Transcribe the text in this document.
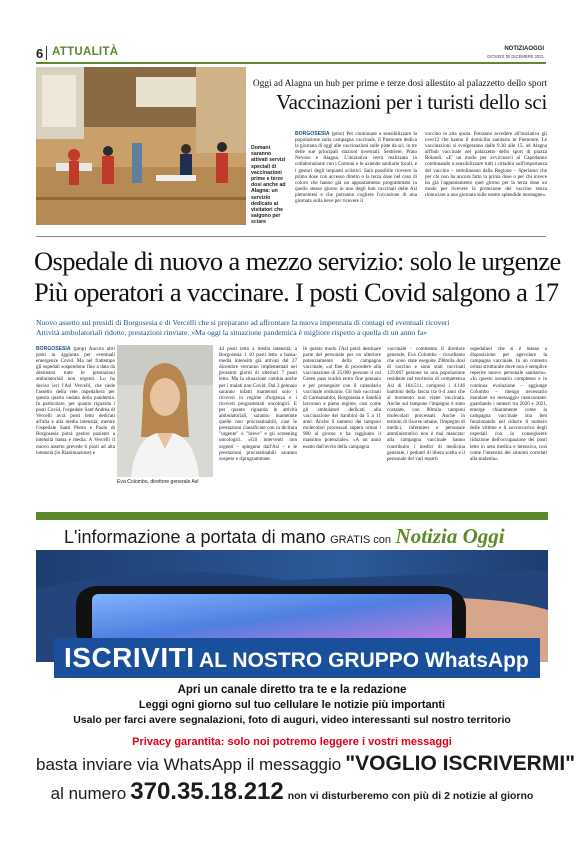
6 ATTUALITÀ	NOTIZIAOGGI
GIOVEDÌ 30 DICEMBRE 2021
Oggi ad Alagna un hub per prime e terze dosi allestito al palazzetto dello sport
Vaccinazioni per i turisti dello sci
Domani saranno attivati servizi speciali di vaccinazioni prime e terze dosi anche ad Alagna: un servizio dedicato ai visitatori che salgono per sciare
BORGOSESIA (pmo) Per continuare a sensibilizzare la popolazione sulla campagna vaccinale, il Piemonte dedica la giornata di oggi alle vaccinazioni sulle piste da sci, in tre delle sue principali stazioni invernali: Sestriere, Prato Nevoso e Alagna. L'iniziativa verrà realizzata in collaborazione con i Comuni e le aziende sanitarie locali, e i gestori degli impianti sciistici. Sarà possibile ricevere la prima dose con accesso diretto o la terza dose nel caso di coloro che hanno già un appuntamento programmato in quello stesso giorno in uno degli hub vaccinali delle Asl piemontesi e che potranno cogliere l'occasione di una giornata sulla neve per ricevere il
vaccino in alta quota. Potranno accedere all'iniziativa gli over12 che hanno il domicilio sanitario in Piemonte. Le vaccinazioni si svolgeranno dalle 9.30 alle 15, ad Alagna all'hub vaccinale nel palazzetto dello sport di piazza Rolandi. «E' un modo per avvicinarci al Capodanno continuando a sensibilizzare tutti i cittadini sull'importanza del vaccino – sottolineano dalla Regione – Speriamo che per chi non ha ancora fatto la prima dose o per chi invece ha già l'appuntamento quel giorno per la terza dose un modo per ricevere la protezione del vaccino senza rinunciare a una giornata sulle nostre splendide montagne».
Ospedale di nuovo a mezzo servizio: solo le urgenze
Più operatori a vaccinare. I posti Covid salgono a 17
Nuovo assetto sui presidi di Borgosesia e di Vercelli che si preparano ad affrontare la nuova impennata di contagi ed eventuali ricoveri
Attività ambulatoriali ridotte, prestazioni rinviate. «Ma oggi la situazione pandemica è migliore rispetto a quella di un anno fa»
BORGOSESIA (pmp) Ancora altri posti in aggiunta per eventuali emergenze Covid. Ma nel frattempo gli ospedali sospendono fino a data da destinarsi tutte le prestazioni ambulatoriali non urgenti. Lo ha deciso ieri l'Asl Vercelli, che riede l'assetto della rete ospedaliera per questa quarta ondata della pandemia. In particolare, per quanto riguarda i posti Covid, l'ospedale Sant'Andrea di Vercelli avrà posti letto dedicati all'alta e alla media intensità, mentre l'ospedale Santi Pietro e Paolo di Borgosesia potrà gestire pazienti a intensità bassa e media. A Vercelli il nuovo assetto prevede 6 posti ad alta intensità (in Rianimazione) e
Eva Colombo, direttore generale Asl
44 posti letto a media intensità, a Borgosesia 1 10 posti letto a bassa-media intensità già attivati dal 27 dicembre verranno implementati nei prossimi giorni di ulteriori 7 posti letto. Ma la situazione cambia anche per i malati non Covid. Dal 3 gennaio saranno infatti mantenuti solo i ricoveri in regime d'urgenza e i ricoveri programmati oncologici. E per quanto riguarda le attività ambulatoriali, saranno mantenute quelle non procrastinabili, cioè le prestazioni classificate con la dicitura "urgente" o "breve" e gli screening oncologici. «Gli interventi non urgenti – spiegano dall'Asl – e le prestazioni procrastinabili saranno sospese e riprogrammate.
In questo modo l'Asl potrà destinare parte del personale per un ulteriore potenziamento della campagna vaccinale, «al fine di procedere alla vaccinazione di 25.000 persone il cui Green pass scadrà entro fine gennaio e per proseguire con il calendario vaccinale ordinario. Gli hub vaccinali di Caresanablot, Borgosesia e Santhià lavorano a pieno regime, così come gli ambulatori dedicati alla vaccinazione dei bambini da 5 a 11 anni. Anche il numero dei tamponi molecolari processati supera ormai i 900 al giorno e ha raggiunto il massimo potenziale». «A un anno esatto dall'avvio della campagna
vaccinale - commenta il direttore generale, Eva Colombo - ricordiamo che sono state eseguite 298mila dosi di vaccino e sono stati vaccinati 129.067 persone su una popolazione residente nel territorio di competenza Asl di 164.511, compresi i 4.146 bambini della fascia tra 0-4 anni che al momento non viene vaccinata. Anche sul tampone l'impegno è stato costante, con 80mila tamponi molecolari processati. Anche in termini di risorse umane, l'impegno di medici, infermieri e personale amministrativo non è mai mancato: alla campagna vaccinale hanno contribuito i medici di medicina generale, i pediatri di libera scelta e il personale dei vari reparti
ospedalieri che si è messo a disposizione per agevolare la campagna vaccinale. In un contesto ormai strutturale dove non è semplice reperire nuovo personale sanitario». «In questo scenario complesso e in continua evoluzione – aggiunge Colombo – ritengo necessario mandare un messaggio rassicurante: guardando i numeri tra 2020 e 2021, emerge chiaramente come la campagna vaccinale stia ben funzionando nel ridurre il numero delle vittime e il sovraccarico degli ospedali con la conseguente riduzione dell'occupazione dei posti letto in area medica e intensiva, così come l'intensità dei sintomi correlati alla malattia».
L'informazione a portata di mano GRATIS con Notizia Oggi
ISCRIVITI AL NOSTRO GRUPPO WhatsApp
Apri un canale diretto tra te e la redazione
Leggi ogni giorno sul tuo cellulare le notizie più importanti
Usalo per farci avere segnalazioni, foto di auguri, video interessanti sul nostro territorio
Privacy garantita: solo noi potremo leggere i vostri messaggi
basta inviare via WhatsApp il messaggio "VOGLIO ISCRIVERMI"
al numero 370.35.18.212 non vi disturberemo con più di 2 notizie al giorno
